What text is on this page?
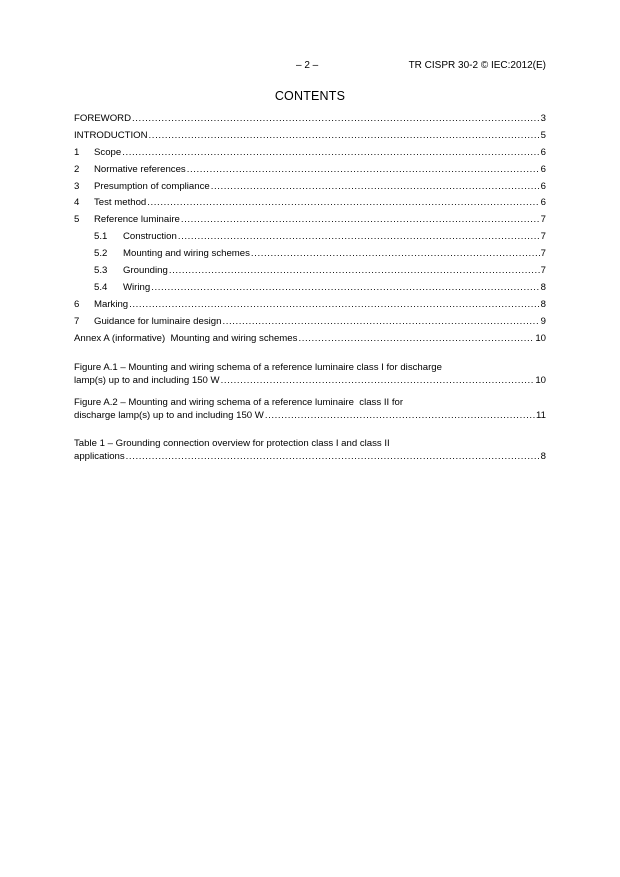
– 2 –	TR CISPR 30-2 © IEC:2012(E)
CONTENTS
FOREWORD .....	3
INTRODUCTION .....	5
1	Scope .....	6
2	Normative references .....	6
3	Presumption of compliance .....	6
4	Test method .....	6
5	Reference luminaire .....	7
5.1	Construction .....	7
5.2	Mounting and wiring schemes .....	7
5.3	Grounding .....	7
5.4	Wiring .....	8
6	Marking .....	8
7	Guidance for luminaire design .....	9
Annex A (informative)  Mounting and wiring schemes .....	10
Figure A.1 – Mounting and wiring schema of a reference luminaire class I for discharge
lamp(s) up to and including 150 W .....	10
Figure A.2 – Mounting and wiring schema of a reference luminaire  class II for
discharge lamp(s) up to and including 150 W .....	11
Table 1 – Grounding connection overview for protection class I and class II
applications .....	8
